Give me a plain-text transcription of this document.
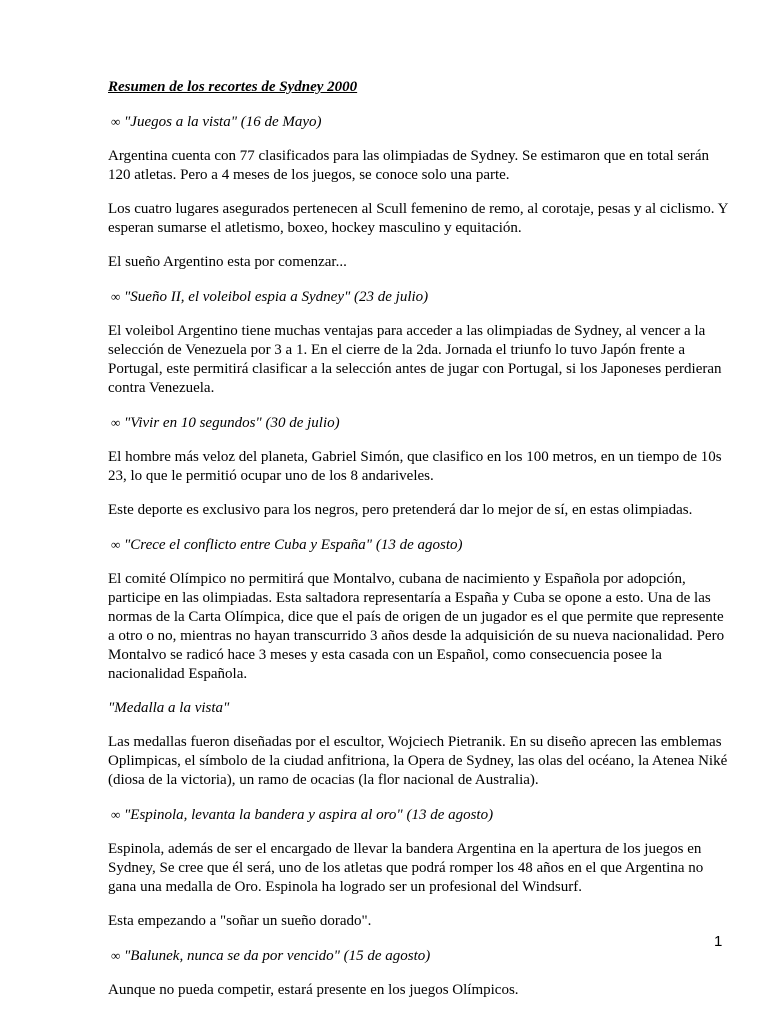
Resumen de los recortes de Sydney 2000

∞ "Juegos a la vista" (16 de Mayo)

Argentina cuenta con 77 clasificados para las olimpiadas de Sydney. Se estimaron que en total serán 120 atletas. Pero a 4 meses de los juegos, se conoce solo una parte.

Los cuatro lugares asegurados pertenecen al Scull femenino de remo, al corotaje, pesas y al ciclismo. Y esperan sumarse el atletismo, boxeo, hockey masculino y equitación.

El sueño Argentino esta por comenzar...

∞ "Sueño II, el voleibol espia a Sydney" (23 de julio)

El voleibol Argentino tiene muchas ventajas para acceder a las olimpiadas de Sydney, al vencer a la selección de Venezuela por 3 a 1. En el cierre de la 2da. Jornada el triunfo lo tuvo Japón frente a Portugal, este permitirá clasificar a la selección antes de jugar con Portugal, si los Japoneses perdieran contra Venezuela.

∞ "Vivir en 10 segundos" (30 de julio)

El hombre más veloz del planeta, Gabriel Simón, que clasifico en los 100 metros, en un tiempo de 10s 23, lo que le permitió ocupar uno de los 8 andariveles.

Este deporte es exclusivo para los negros, pero pretenderá dar lo mejor de sí, en estas olimpiadas.

∞ "Crece el conflicto entre Cuba y España" (13 de agosto)

El comité Olímpico no permitirá que Montalvo, cubana de nacimiento y Española por adopción, participe en las olimpiadas. Esta saltadora representaría a España y Cuba se opone a esto. Una de las normas de la Carta Olímpica, dice que el país de origen de un jugador es el que permite que represente a otro o no, mientras no hayan transcurrido 3 años desde la adquisición de su nueva nacionalidad. Pero Montalvo se radicó hace 3 meses y esta casada con un Español, como consecuencia posee la nacionalidad Española.

"Medalla a la vista"

Las medallas fueron diseñadas por el escultor, Wojciech Pietranik. En su diseño aprecen las emblemas Oplimpicas, el símbolo de la ciudad anfitriona, la Opera de Sydney, las olas del océano, la Atenea Niké (diosa de la victoria), un ramo de ocacias (la flor nacional de Australia).

∞ "Espinola, levanta la bandera y aspira al oro" (13 de agosto)

Espinola, además de ser el encargado de llevar la bandera Argentina en la apertura de los juegos en Sydney, Se cree que él será, uno de los atletas que podrá romper los 48 años en el que Argentina no gana una medalla de Oro. Espinola ha logrado ser un profesional del Windsurf.

Esta empezando a "soñar un sueño dorado".

∞ "Balunek, nunca se da por vencido" (15 de agosto)

Aunque no pueda competir, estará presente en los juegos Olímpicos.

1
